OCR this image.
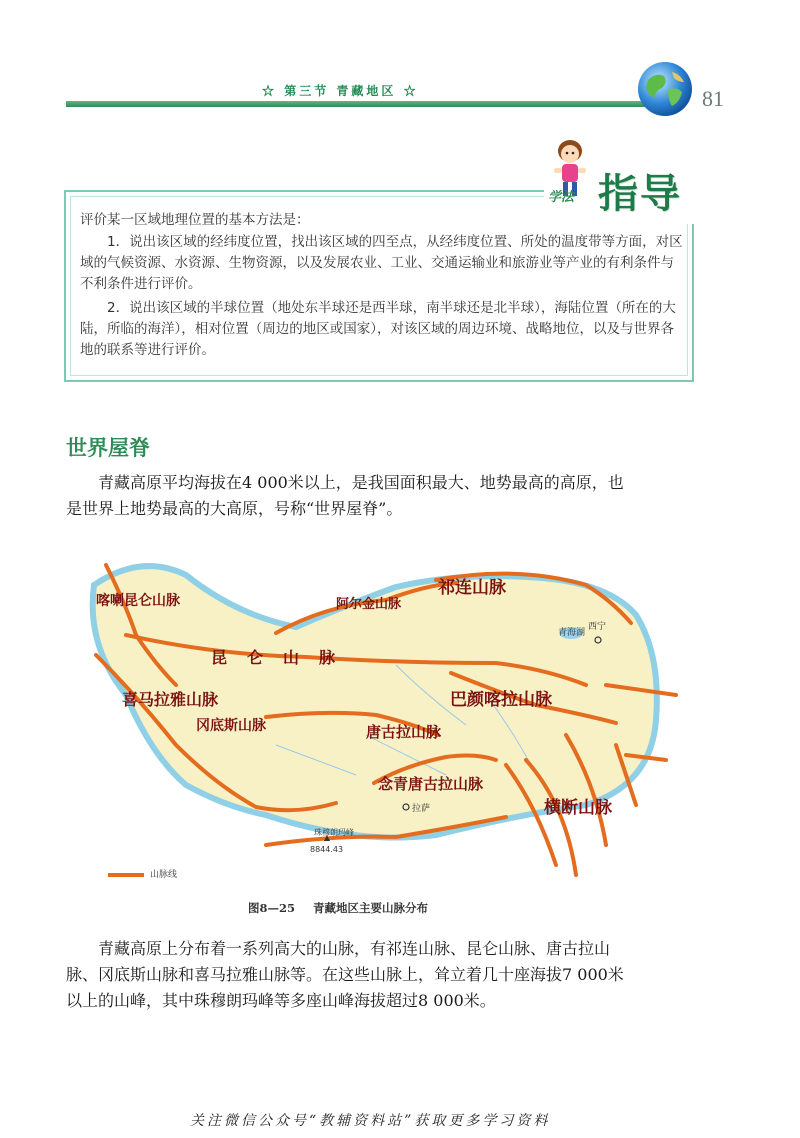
☆ 第三节 青藏地区 ☆	81
学法 指导
评价某一区域地理位置的基本方法是：
1．说出该区域的经纬度位置，找出该区域的四至点，从经纬度位置、所处的温度带等方面，对区域的气候资源、水资源、生物资源，以及发展农业、工业、交通运输业和旅游业等产业的有利条件与不利条件进行评价。
2．说出该区域的半球位置（地处东半球还是西半球，南半球还是北半球），海陆位置（所在的大陆，所临的海洋），相对位置（周边的地区或国家），对该区域的周边环境、战略地位，以及与世界各地的联系等进行评价。
世界屋脊
青藏高原平均海拔在4 000米以上，是我国面积最大、地势最高的高原，也是世界上地势最高的大高原，号称“世界屋脊”。
祁连山脉
阿尔金山脉
喀喇昆仑山脉
昆仑山脉
巴颜喀拉山脉
唐古拉山脉
念青唐古拉山脉
横断山脉
喜马拉雅山脉
冈底斯山脉
西宁
拉萨
青海湖
珠穆朗玛峰
8844.43
山脉线
图8—25 青藏地区主要山脉分布
青藏高原上分布着一系列高大的山脉，有祁连山脉、昆仑山脉、唐古拉山脉、冈底斯山脉和喜马拉雅山脉等。在这些山脉上，耸立着几十座海拔7 000米以上的山峰，其中珠穆朗玛峰等多座山峰海拔超过8 000米。
关注微信公众号“教辅资料站”获取更多学习资料
